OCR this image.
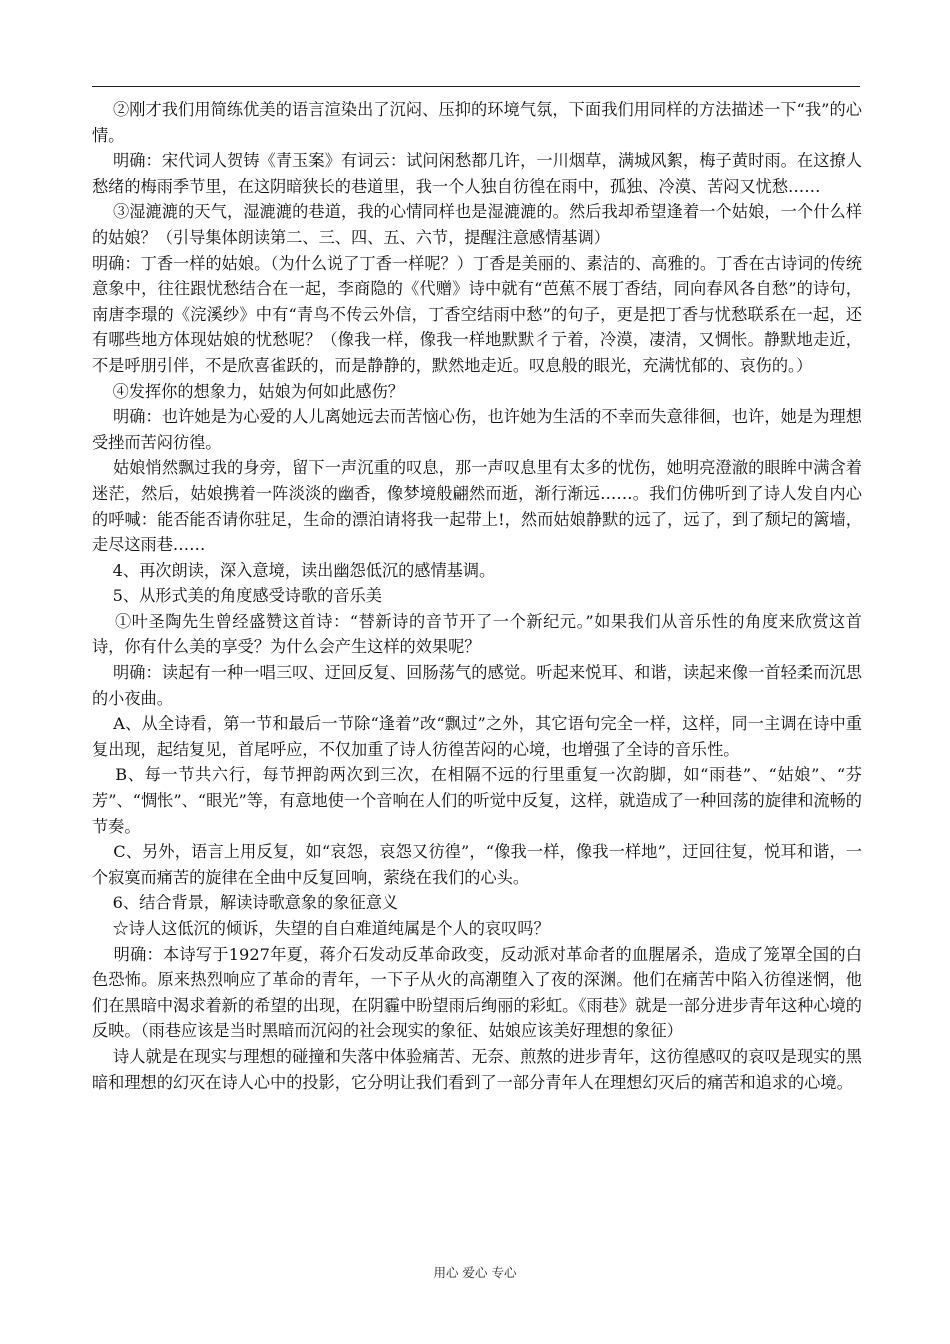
②刚才我们用简练优美的语言渲染出了沉闷、压抑的环境气氛，下面我们用同样的方法描述一下“我”的心情。

明确：宋代词人贺铸《青玉案》有词云：试问闲愁都几许，一川烟草，满城风絮，梅子黄时雨。在这撩人愁绪的梅雨季节里，在这阴暗狭长的巷道里，我一个人独自彷徨在雨中，孤独、冷漠、苦闷又忧愁……

③湿漉漉的天气，湿漉漉的巷道，我的心情同样也是湿漉漉的。然后我却希望逢着一个姑娘，一个什么样的姑娘？（引导集体朗读第二、三、四、五、六节，提醒注意感情基调）

明确：丁香一样的姑娘。（为什么说了丁香一样呢？）丁香是美丽的、素洁的、高雅的。丁香在古诗词的传统意象中，往往跟忧愁结合在一起，李商隐的《代赠》诗中就有“芭蕉不展丁香结，同向春风各自愁”的诗句，南唐李璟的《浣溪纱》中有“青鸟不传云外信，丁香空结雨中愁”的句子，更是把丁香与忧愁联系在一起，还有哪些地方体现姑娘的忧愁呢？（像我一样，像我一样地默默彳亍着，冷漠，凄清，又惆怅。静默地走近，不是呼朋引伴，不是欣喜雀跃的，而是静静的，默然地走近。叹息般的眼光，充满忧郁的、哀伤的。）

④发挥你的想象力，姑娘为何如此感伤？

明确：也许她是为心爱的人儿离她远去而苦恼心伤，也许她为生活的不幸而失意徘徊，也许，她是为理想受挫而苦闷彷徨。

姑娘悄然飘过我的身旁，留下一声沉重的叹息，那一声叹息里有太多的忧伤，她明亮澄澈的眼眸中满含着迷茫，然后，姑娘携着一阵淡淡的幽香，像梦境般翩然而逝，渐行渐远……。我们仿佛听到了诗人发自内心的呼喊：能否能否请你驻足，生命的漂泊请将我一起带上!，然而姑娘静默的远了，远了，到了颓圮的篱墙，走尽这雨巷……

4、再次朗读，深入意境，读出幽怨低沉的感情基调。

5、从形式美的角度感受诗歌的音乐美

①叶圣陶先生曾经盛赞这首诗：“替新诗的音节开了一个新纪元。”如果我们从音乐性的角度来欣赏这首诗，你有什么美的享受？为什么会产生这样的效果呢？

明确：读起有一种一唱三叹、迂回反复、回肠荡气的感觉。听起来悦耳、和谐，读起来像一首轻柔而沉思的小夜曲。

A、从全诗看，第一节和最后一节除“逢着”改“飘过”之外，其它语句完全一样，这样，同一主调在诗中重复出现，起结复见，首尾呼应，不仅加重了诗人彷徨苦闷的心境，也增强了全诗的音乐性。

B、每一节共六行，每节押韵两次到三次，在相隔不远的行里重复一次韵脚，如“雨巷”、“姑娘”、“芬芳”、“惆怅”、“眼光”等，有意地使一个音响在人们的听觉中反复，这样，就造成了一种回荡的旋律和流畅的节奏。

C、另外，语言上用反复，如“哀怨，哀怨又彷徨”，“像我一样，像我一样地”，迂回往复，悦耳和谐，一个寂寞而痛苦的旋律在全曲中反复回响，萦绕在我们的心头。

6、结合背景，解读诗歌意象的象征意义

☆诗人这低沉的倾诉，失望的自白难道纯属是个人的哀叹吗？

明确：本诗写于1927年夏，蒋介石发动反革命政变，反动派对革命者的血腥屠杀，造成了笼罩全国的白色恐怖。原来热烈响应了革命的青年，一下子从火的高潮堕入了夜的深渊。他们在痛苦中陷入彷徨迷惘，他们在黑暗中渴求着新的希望的出现，在阴霾中盼望雨后绚丽的彩虹。《雨巷》就是一部分进步青年这种心境的反映。（雨巷应该是当时黑暗而沉闷的社会现实的象征、姑娘应该美好理想的象征）

诗人就是在现实与理想的碰撞和失落中体验痛苦、无奈、煎熬的进步青年，这彷徨感叹的哀叹是现实的黑暗和理想的幻灭在诗人心中的投影，它分明让我们看到了一部分青年人在理想幻灭后的痛苦和追求的心境。

用心 爱心 专心
